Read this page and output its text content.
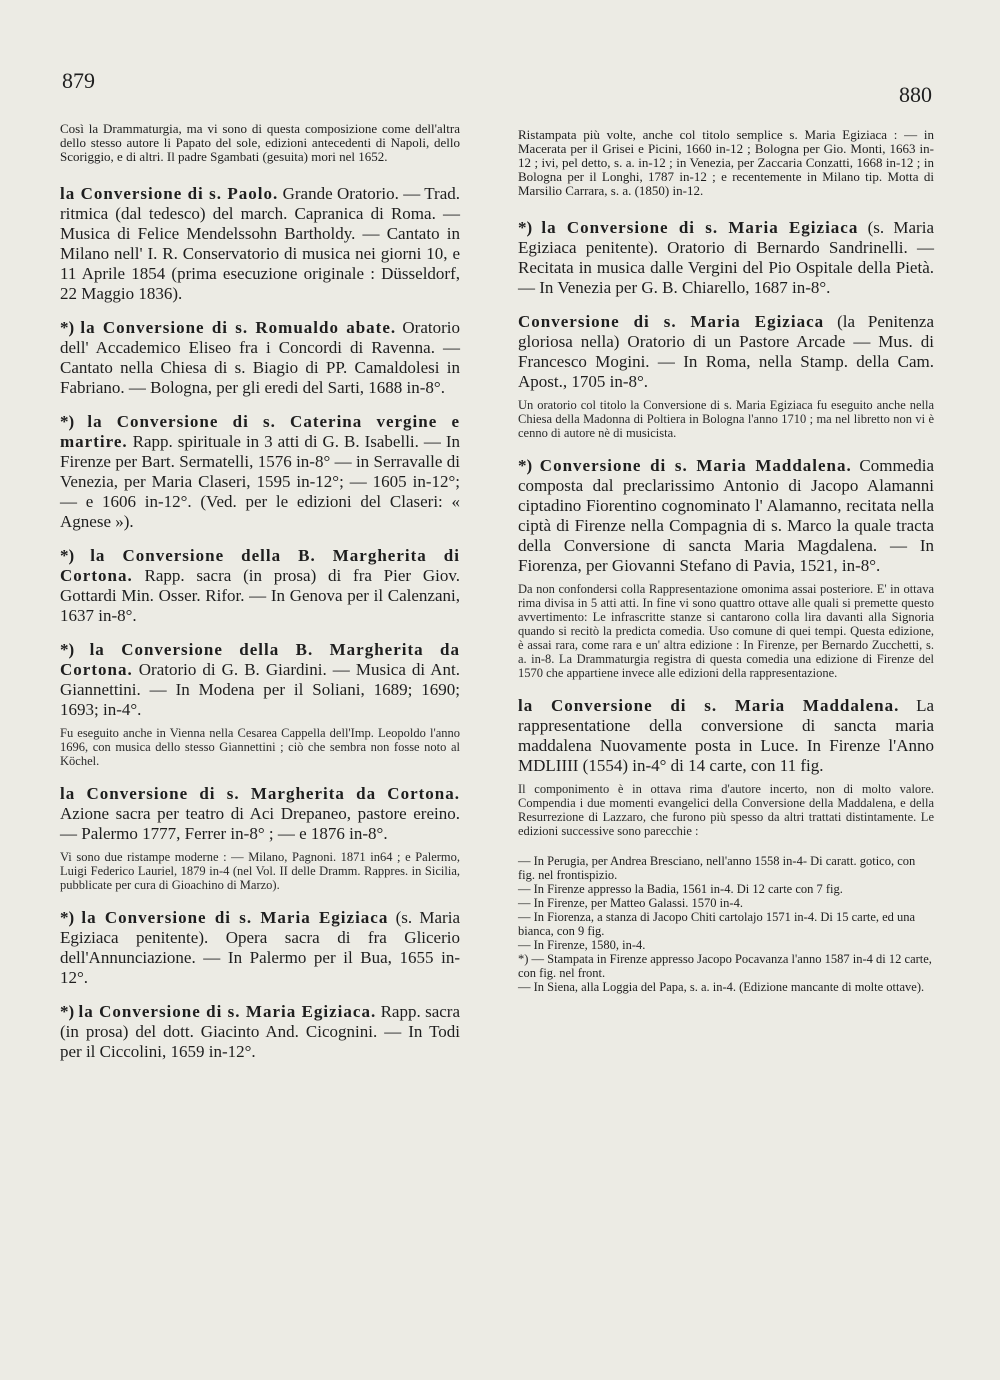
879
880

Così la Drammaturgia, ma vi sono di questa composizione come dell'altra dello stesso autore li Papato del sole, edizioni antecedenti di Napoli, dello Scoriggio, e di altri. Il padre Sgambati (gesuita) mori nel 1652.

la Conversione di s. Paolo. Grande Oratorio. — Trad. ritmica (dal tedesco) del march. Capranica di Roma. — Musica di Felice Mendelssohn Bartholdy. — Cantato in Milano nell' I. R. Conservatorio di musica nei giorni 10, e 11 Aprile 1854 (prima esecuzione originale : Düsseldorf, 22 Maggio 1836).

*) la Conversione di s. Romualdo abate. Oratorio dell' Accademico Eliseo fra i Concordi di Ravenna. — Cantato nella Chiesa di s. Biagio di PP. Camaldolesi in Fabriano. — Bologna, per gli eredi del Sarti, 1688 in-8°.

*) la Conversione di s. Caterina vergine e martire. Rapp. spirituale in 3 atti di G. B. Isabelli. — In Firenze per Bart. Sermatelli, 1576 in-8° — in Serravalle di Venezia, per Maria Claseri, 1595 in-12°; — 1605 in-12°; — e 1606 in-12°. (Ved. per le edizioni del Claseri: « Agnese »).

*) la Conversione della B. Margherita di Cortona. Rapp. sacra (in prosa) di fra Pier Giov. Gottardi Min. Osser. Rifor. — In Genova per il Calenzani, 1637 in-8°.

*) la Conversione della B. Margherita da Cortona. Oratorio di G. B. Giardini. — Musica di Ant. Giannettini. — In Modena per il Soliani, 1689; 1690; 1693; in-4°.

Fu eseguito anche in Vienna nella Cesarea Cappella dell'Imp. Leopoldo l'anno 1696, con musica dello stesso Giannettini ; ciò che sembra non fosse noto al Köchel.

la Conversione di s. Margherita da Cortona. Azione sacra per teatro di Aci Drepaneo, pastore ereino. — Palermo 1777, Ferrer in-8° ; — e 1876 in-8°.

Vi sono due ristampe moderne : — Milano, Pagnoni. 1871 in64 ; e Palermo, Luigi Federico Lauriel, 1879 in-4 (nel Vol. II delle Dramm. Rappres. in Sicilia, pubblicate per cura di Gioachino di Marzo).

*) la Conversione di s. Maria Egiziaca (s. Maria Egiziaca penitente). Opera sacra di fra Glicerio dell'Annunciazione. — In Palermo per il Bua, 1655 in-12°.

*) la Conversione di s. Maria Egiziaca. Rapp. sacra (in prosa) del dott. Giacinto And. Cicognini. — In Todi per il Ciccolini, 1659 in-12°.

Ristampata più volte, anche col titolo semplice s. Maria Egiziaca : — in Macerata per il Grisei e Picini, 1660 in-12 ; Bologna per Gio. Monti, 1663 in-12 ; ivi, pel detto, s. a. in-12 ; in Venezia, per Zaccaria Conzatti, 1668 in-12 ; in Bologna per il Longhi, 1787 in-12 ; e recentemente in Milano tip. Motta di Marsilio Carrara, s. a. (1850) in-12.

*) la Conversione di s. Maria Egiziaca (s. Maria Egiziaca penitente). Oratorio di Bernardo Sandrinelli. — Recitata in musica dalle Vergini del Pio Ospitale della Pietà. — In Venezia per G. B. Chiarello, 1687 in-8°.

Conversione di s. Maria Egiziaca (la Penitenza gloriosa nella) Oratorio di un Pastore Arcade — Mus. di Francesco Mogini. — In Roma, nella Stamp. della Cam. Apost., 1705 in-8°.

Un oratorio col titolo la Conversione di s. Maria Egiziaca fu eseguito anche nella Chiesa della Madonna di Poltiera in Bologna l'anno 1710 ; ma nel libretto non vi è cenno di autore nè di musicista.

*) Conversione di s. Maria Maddalena. Commedia composta dal preclarissimo Antonio di Jacopo Alamanni ciptadino Fiorentino cognominato l' Alamanno, recitata nella ciptà di Firenze nella Compagnia di s. Marco la quale tracta della Conversione di sancta Maria Magdalena. — In Fiorenza, per Giovanni Stefano di Pavia, 1521, in-8°.

Da non confondersi colla Rappresentazione omonima assai posteriore. E' in ottava rima divisa in 5 atti atti. In fine vi sono quattro ottave alle quali si premette questo avvertimento: Le infrascritte stanze si cantarono colla lira davanti alla Signoria quando si recitò la predicta comedia. Uso comune di quei tempi. Questa edizione, è assai rara, come rara e un' altra edizione : In Firenze, per Bernardo Zucchetti, s. a. in-8. La Drammaturgia registra di questa comedia una edizione di Firenze del 1570 che appartiene invece alle edizioni della rappresentazione.

la Conversione di s. Maria Maddalena. La rappresentatione della conversione di sancta maria maddalena Nuovamente posta in Luce. In Firenze l'Anno MDLIIII (1554) in-4° di 14 carte, con 11 fig.

Il componimento è in ottava rima d'autore incerto, non di molto valore. Compendia i due momenti evangelici della Conversione della Maddalena, e della Resurrezione di Lazzaro, che furono più spesso da altri trattati distintamente. Le edizioni successive sono parecchie :

— In Perugia, per Andrea Bresciano, nell'anno 1558 in-4- Di caratt. gotico, con fig. nel frontispizio.

— In Firenze appresso la Badia, 1561 in-4. Di 12 carte con 7 fig.

— In Firenze, per Matteo Galassi. 1570 in-4.

— In Fiorenza, a stanza di Jacopo Chiti cartolajo 1571 in-4. Di 15 carte, ed una bianca, con 9 fig.

— In Firenze, 1580, in-4.

*) — Stampata in Firenze appresso Jacopo Pocavanza l'anno 1587 in-4 di 12 carte, con fig. nel front.

— In Siena, alla Loggia del Papa, s. a. in-4. (Edizione mancante di molte ottave).
